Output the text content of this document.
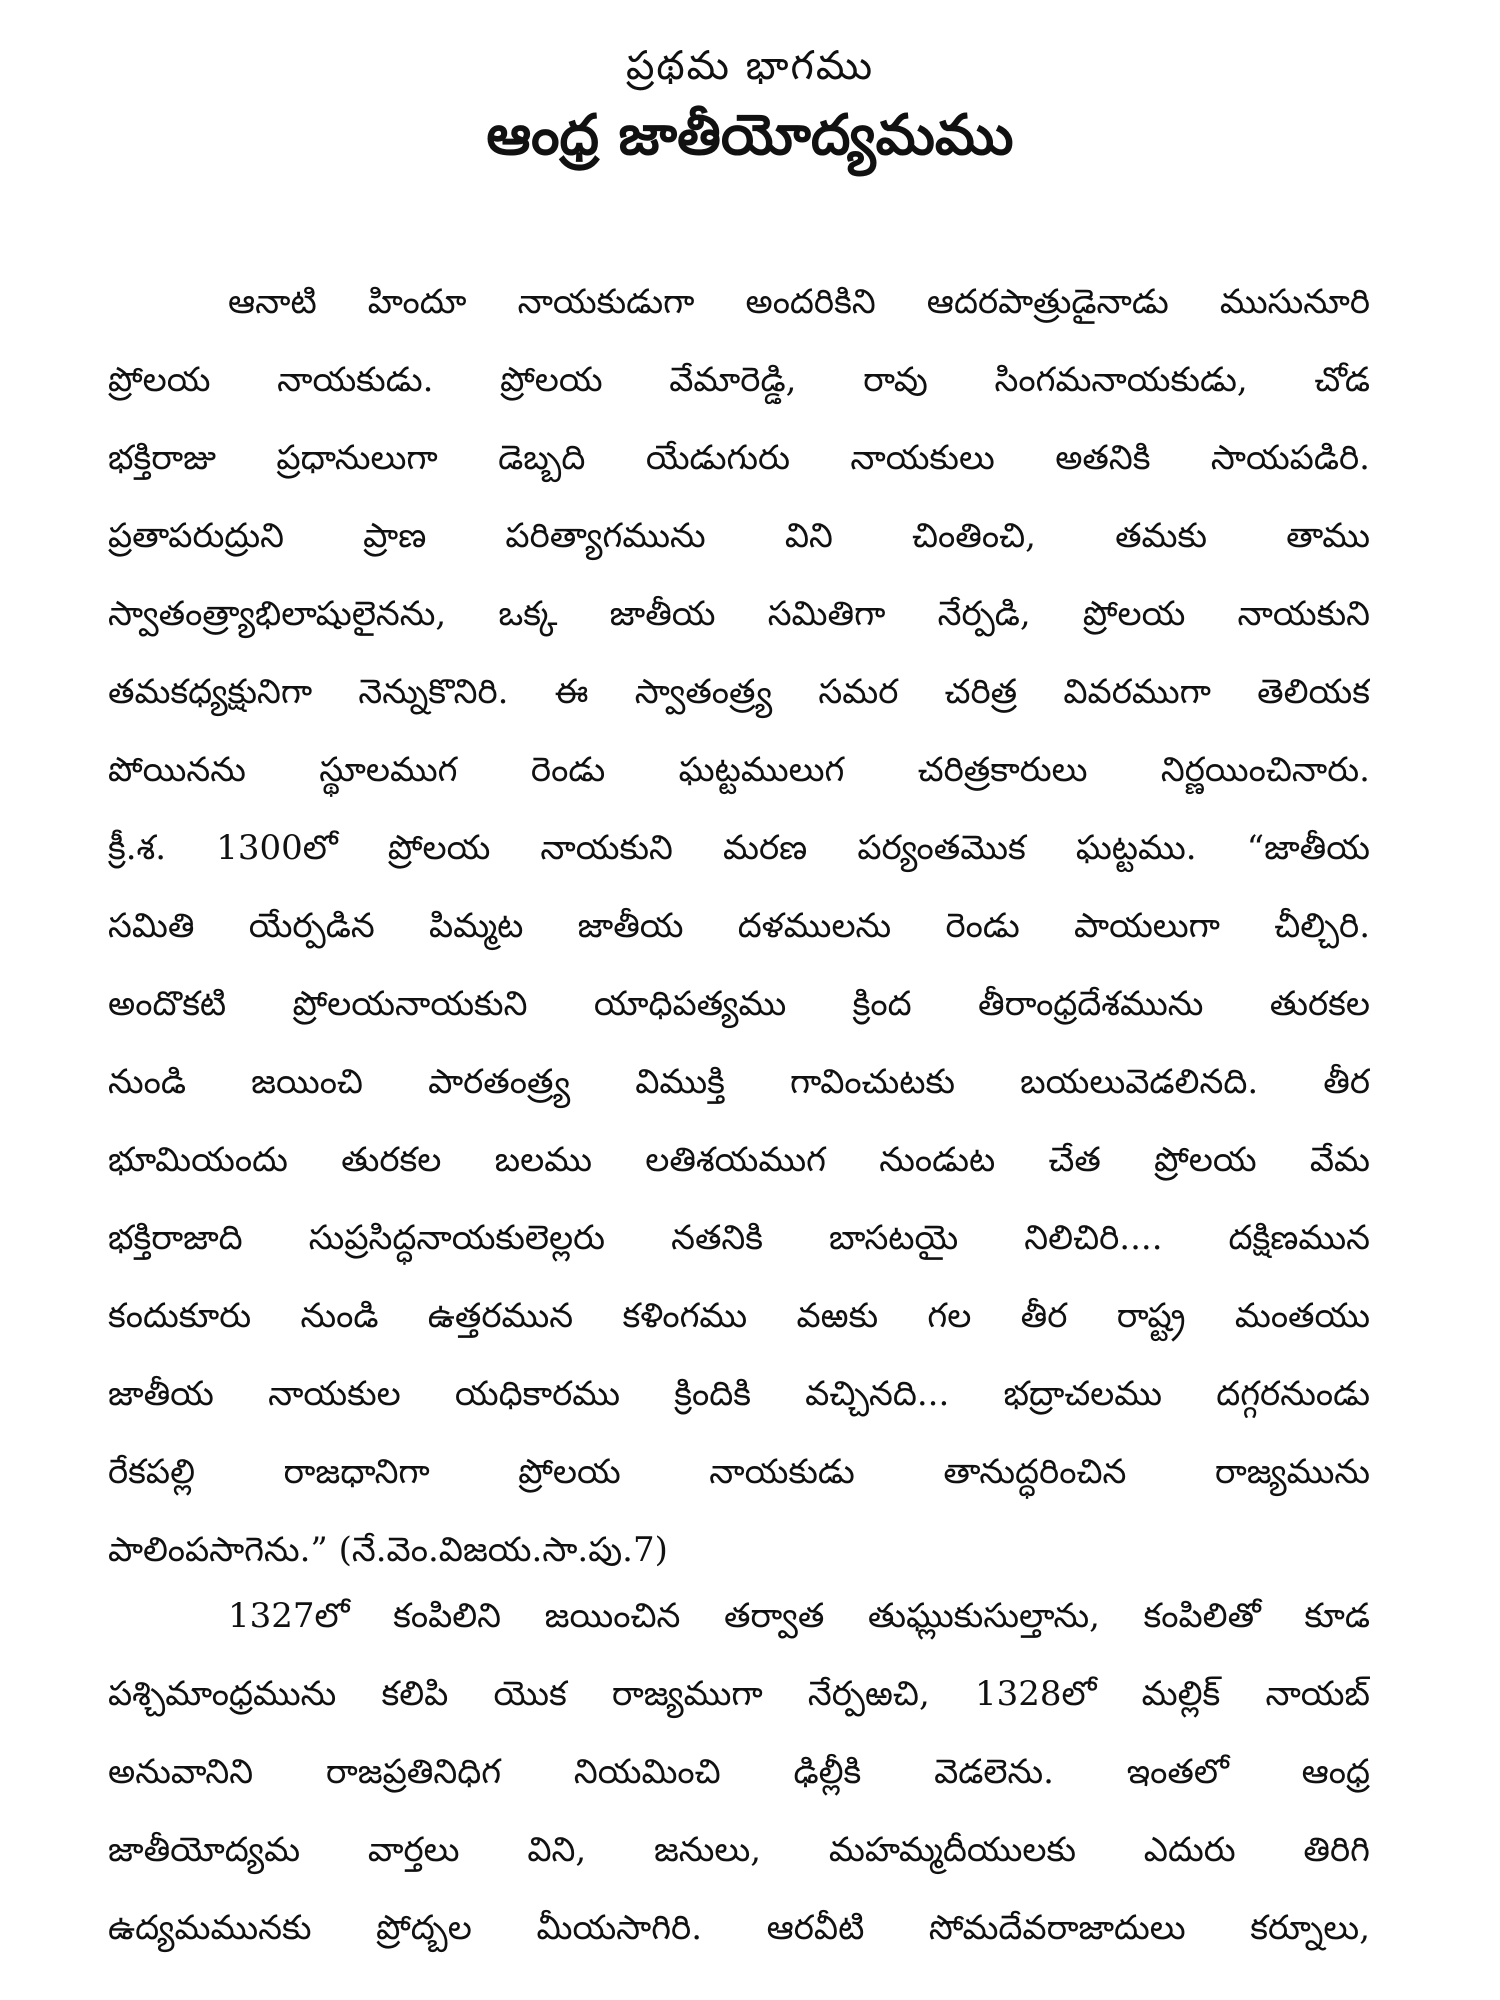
ప్రథమ భాగము
ఆంధ్ర జాతీయోద్యమము
ఆనాటి హిందూ నాయకుడుగా అందరికిని ఆదరపాత్రుడైనాడు ముసునూరి
ప్రోలయ నాయకుడు. ప్రోలయ వేమారెడ్డి, రావు సింగమనాయకుడు, చోడ
భక్తిరాజు ప్రధానులుగా డెబ్బది యేడుగురు నాయకులు అతనికి సాయపడిరి.
ప్రతాపరుద్రుని ప్రాణ పరిత్యాగమును విని చింతించి, తమకు తాము
స్వాతంత్ర్యాభిలాషులైనను, ఒక్క జాతీయ సమితిగా నేర్పడి, ప్రోలయ నాయకుని
తమకధ్యక్షునిగా నెన్నుకొనిరి. ఈ స్వాతంత్ర్య సమర చరిత్ర వివరముగా తెలియక
పోయినను స్థూలముగ రెండు ఘట్టములుగ చరిత్రకారులు నిర్ణయించినారు.
క్రీ.శ. 1300లో ప్రోలయ నాయకుని మరణ పర్యంతమొక ఘట్టము. “జాతీయ
సమితి యేర్పడిన పిమ్మట జాతీయ దళములను రెండు పాయలుగా చీల్చిరి.
అందొకటి ప్రోలయనాయకుని యాధిపత్యము క్రింద తీరాంధ్రదేశమును తురకల
నుండి జయించి పారతంత్ర్య విముక్తి గావించుటకు బయలువెడలినది. తీర
భూమియందు తురకల బలము లతిశయముగ నుండుట చేత ప్రోలయ వేమ
భక్తిరాజాది సుప్రసిద్ధనాయకులెల్లరు నతనికి బాసటయై నిలిచిరి.... దక్షిణమున
కందుకూరు నుండి ఉత్తరమున కళింగము వఱకు గల తీర రాష్ట్ర మంతయు
జాతీయ నాయకుల యధికారము క్రిందికి వచ్చినది... భద్రాచలము దగ్గరనుండు
రేకపల్లి రాజధానిగా ప్రోలయ నాయకుడు తానుద్ధరించిన రాజ్యమును
పాలింపసాగెను.” (నే.వెం.విజయ.సా.పు.7)
1327లో కంపిలిని జయించిన తర్వాత తుఘ్లుకుసుల్తాను, కంపిలితో కూడ
పశ్చిమాంధ్రమును కలిపి యొక రాజ్యముగా నేర్పఱచి, 1328లో మల్లిక్ నాయబ్
అనువానిని రాజప్రతినిధిగ నియమించి ఢిల్లీకి వెడలెను. ఇంతలో ఆంధ్ర
జాతీయోద్యమ వార్తలు విని, జనులు, మహమ్మదీయులకు ఎదురు తిరిగి
ఉద్యమమునకు ప్రోద్బల మీయసాగిరి. ఆరవీటి సోమదేవరాజాదులు కర్నూలు,
